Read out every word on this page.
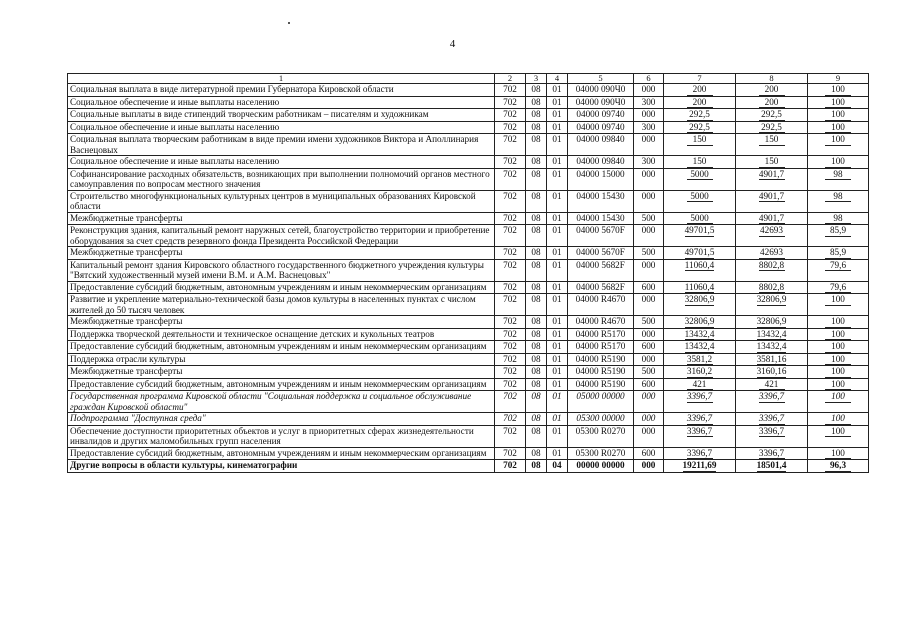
4
1	2	3	4	5	6	7	8	9
Социальная выплата в виде литературной премии Губернатора Кировской области	702	08	01	04000 090Ч0	000	200	200	100
Социальное обеспечение и иные выплаты населению	702	08	01	04000 090Ч0	300	200	200	100
Социальные выплаты в виде стипендий творческим работникам – писателям и художникам	702	08	01	04000 09740	000	292,5	292,5	100
Социальное обеспечение и иные выплаты населению	702	08	01	04000 09740	300	292,5	292,5	100
Социальная выплата творческим работникам в виде премии имени художников Виктора и Аполлинария Васнецовых	702	08	01	04000 09840	000	150	150	100
Социальное обеспечение и иные выплаты населению	702	08	01	04000 09840	300	150	150	100
Софинансирование расходных обязательств, возникающих при выполнении полномочий органов местного самоуправления по вопросам местного значения	702	08	01	04000 15000	000	5000	4901,7	98
Строительство многофункциональных культурных центров в муниципальных образованиях Кировской области	702	08	01	04000 15430	000	5000	4901,7	98
Межбюджетные трансферты	702	08	01	04000 15430	500	5000	4901,7	98
Реконструкция здания, капитальный ремонт наружных сетей, благоустройство территории и приобретение оборудования за счет средств резервного фонда Президента Российской Федерации	702	08	01	04000 5670F	000	49701,5	42693	85,9
Межбюджетные трансферты	702	08	01	04000 5670F	500	49701,5	42693	85,9
Капитальный ремонт здания Кировского областного государственного бюджетного учреждения культуры "Вятский художественный музей имени В.М. и А.М. Васнецовых"	702	08	01	04000 5682F	000	11060,4	8802,8	79,6
Предоставление субсидий бюджетным, автономным учреждениям и иным некоммерческим организациям	702	08	01	04000 5682F	600	11060,4	8802,8	79,6
Развитие и укрепление материально-технической базы домов культуры в населенных пунктах с числом жителей до 50 тысяч человек	702	08	01	04000 R4670	000	32806,9	32806,9	100
Межбюджетные трансферты	702	08	01	04000 R4670	500	32806,9	32806,9	100
Поддержка творческой деятельности и техническое оснащение детских и кукольных театров	702	08	01	04000 R5170	000	13432,4	13432,4	100
Предоставление субсидий бюджетным, автономным учреждениям и иным некоммерческим организациям	702	08	01	04000 R5170	600	13432,4	13432,4	100
Поддержка отрасли культуры	702	08	01	04000 R5190	000	3581,2	3581,16	100
Межбюджетные трансферты	702	08	01	04000 R5190	500	3160,2	3160,16	100
Предоставление субсидий бюджетным, автономным учреждениям и иным некоммерческим организациям	702	08	01	04000 R5190	600	421	421	100
Государственная программа Кировской области "Социальная поддержка и социальное обслуживание граждан Кировской области"	702	08	01	05000 00000	000	3396,7	3396,7	100
Подпрограмма "Доступная среда"	702	08	01	05300 00000	000	3396,7	3396,7	100
Обеспечение доступности приоритетных объектов и услуг в приоритетных сферах жизнедеятельности инвалидов и других маломобильных групп населения	702	08	01	05300 R0270	000	3396,7	3396,7	100
Предоставление субсидий бюджетным, автономным учреждениям и иным некоммерческим организациям	702	08	01	05300 R0270	600	3396,7	3396,7	100
Другие вопросы в области культуры, кинематографии	702	08	04	00000 00000	000	19211,69	18501,4	96,3
